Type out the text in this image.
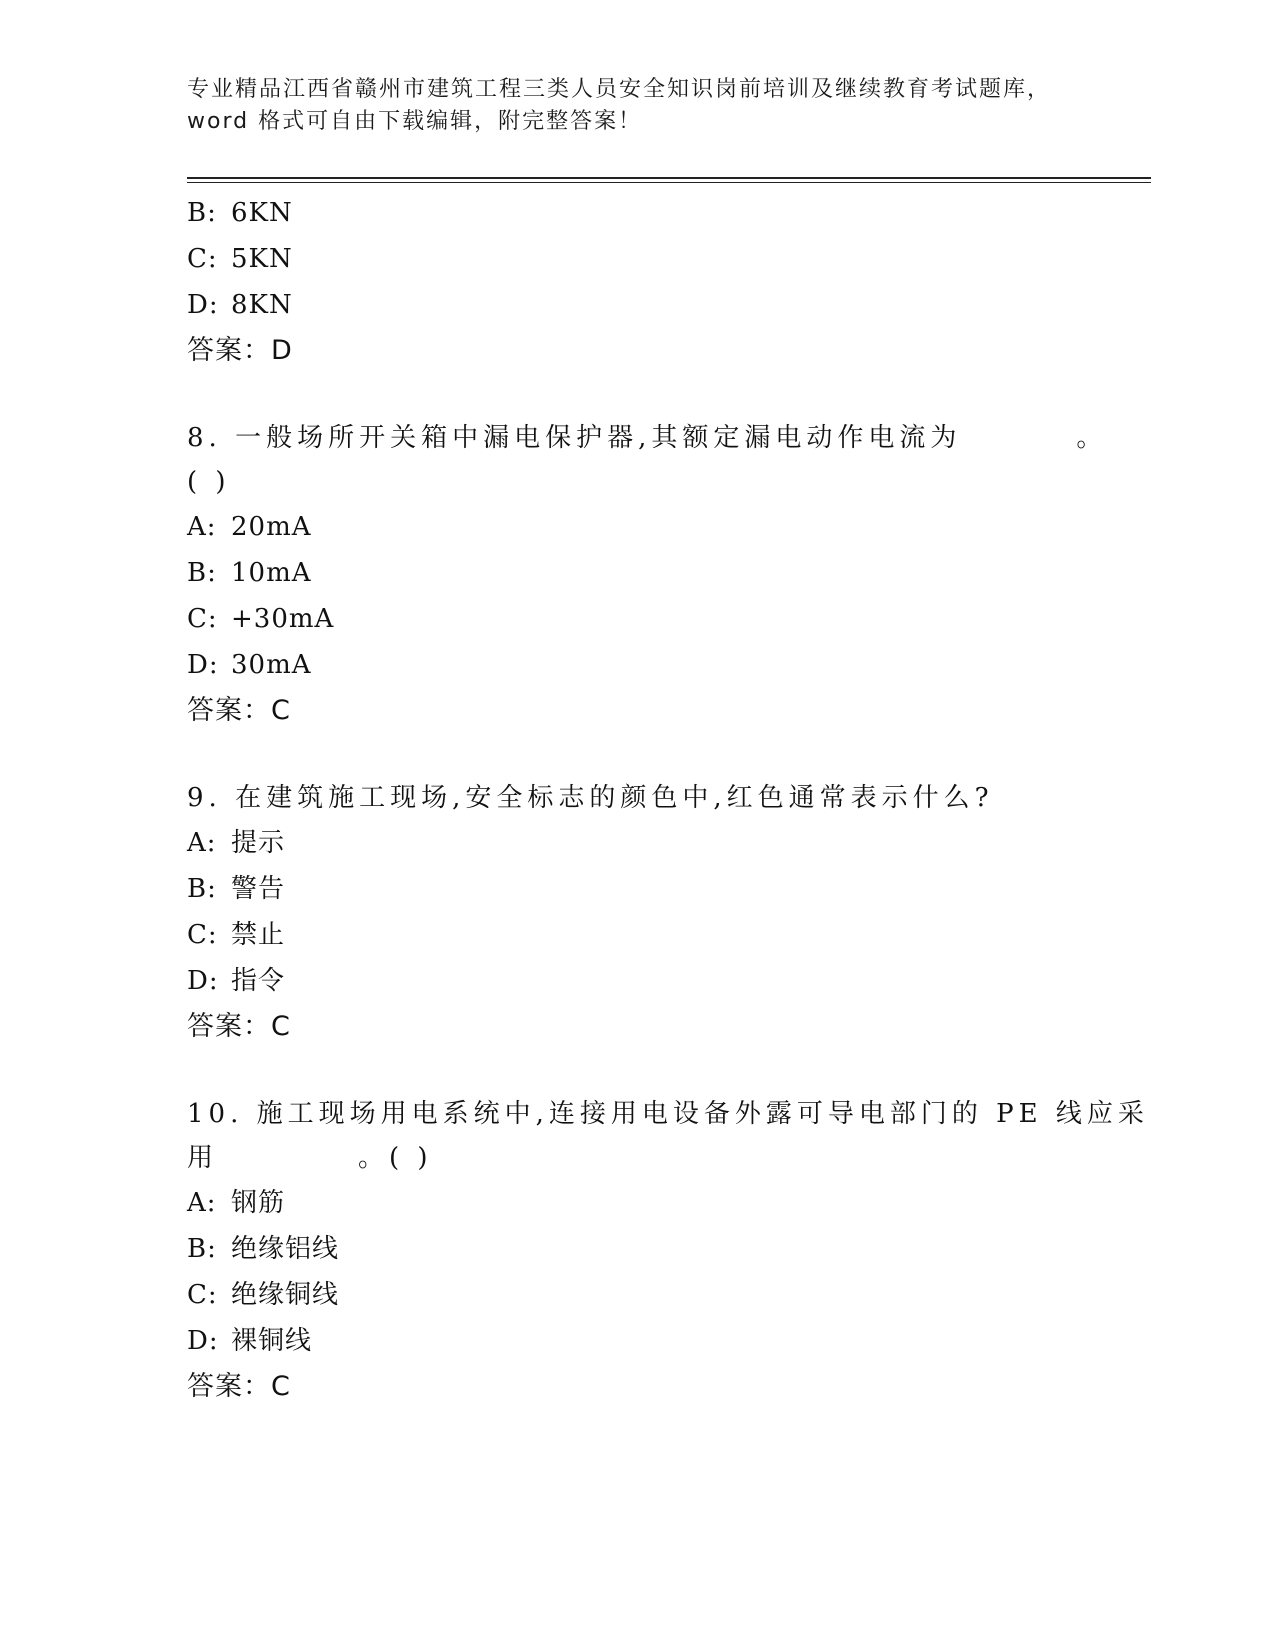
专业精品江西省赣州市建筑工程三类人员安全知识岗前培训及继续教育考试题库，
word 格式可自由下载编辑，附完整答案！
B: 6KN
C: 5KN
D: 8KN
答案：D
8. 一般场所开关箱中漏电保护器,其额定漏电动作电流为	。
( )
A: 20mA
B: 10mA
C: +30mA
D: 30mA
答案：C
9. 在建筑施工现场,安全标志的颜色中,红色通常表示什么?
A: 提示
B: 警告
C: 禁止
D: 指令
答案：C
10. 施工现场用电系统中,连接用电设备外露可导电部门的 PE 线应采
用	。( )
A: 钢筋
B: 绝缘铝线
C: 绝缘铜线
D: 裸铜线
答案：C
